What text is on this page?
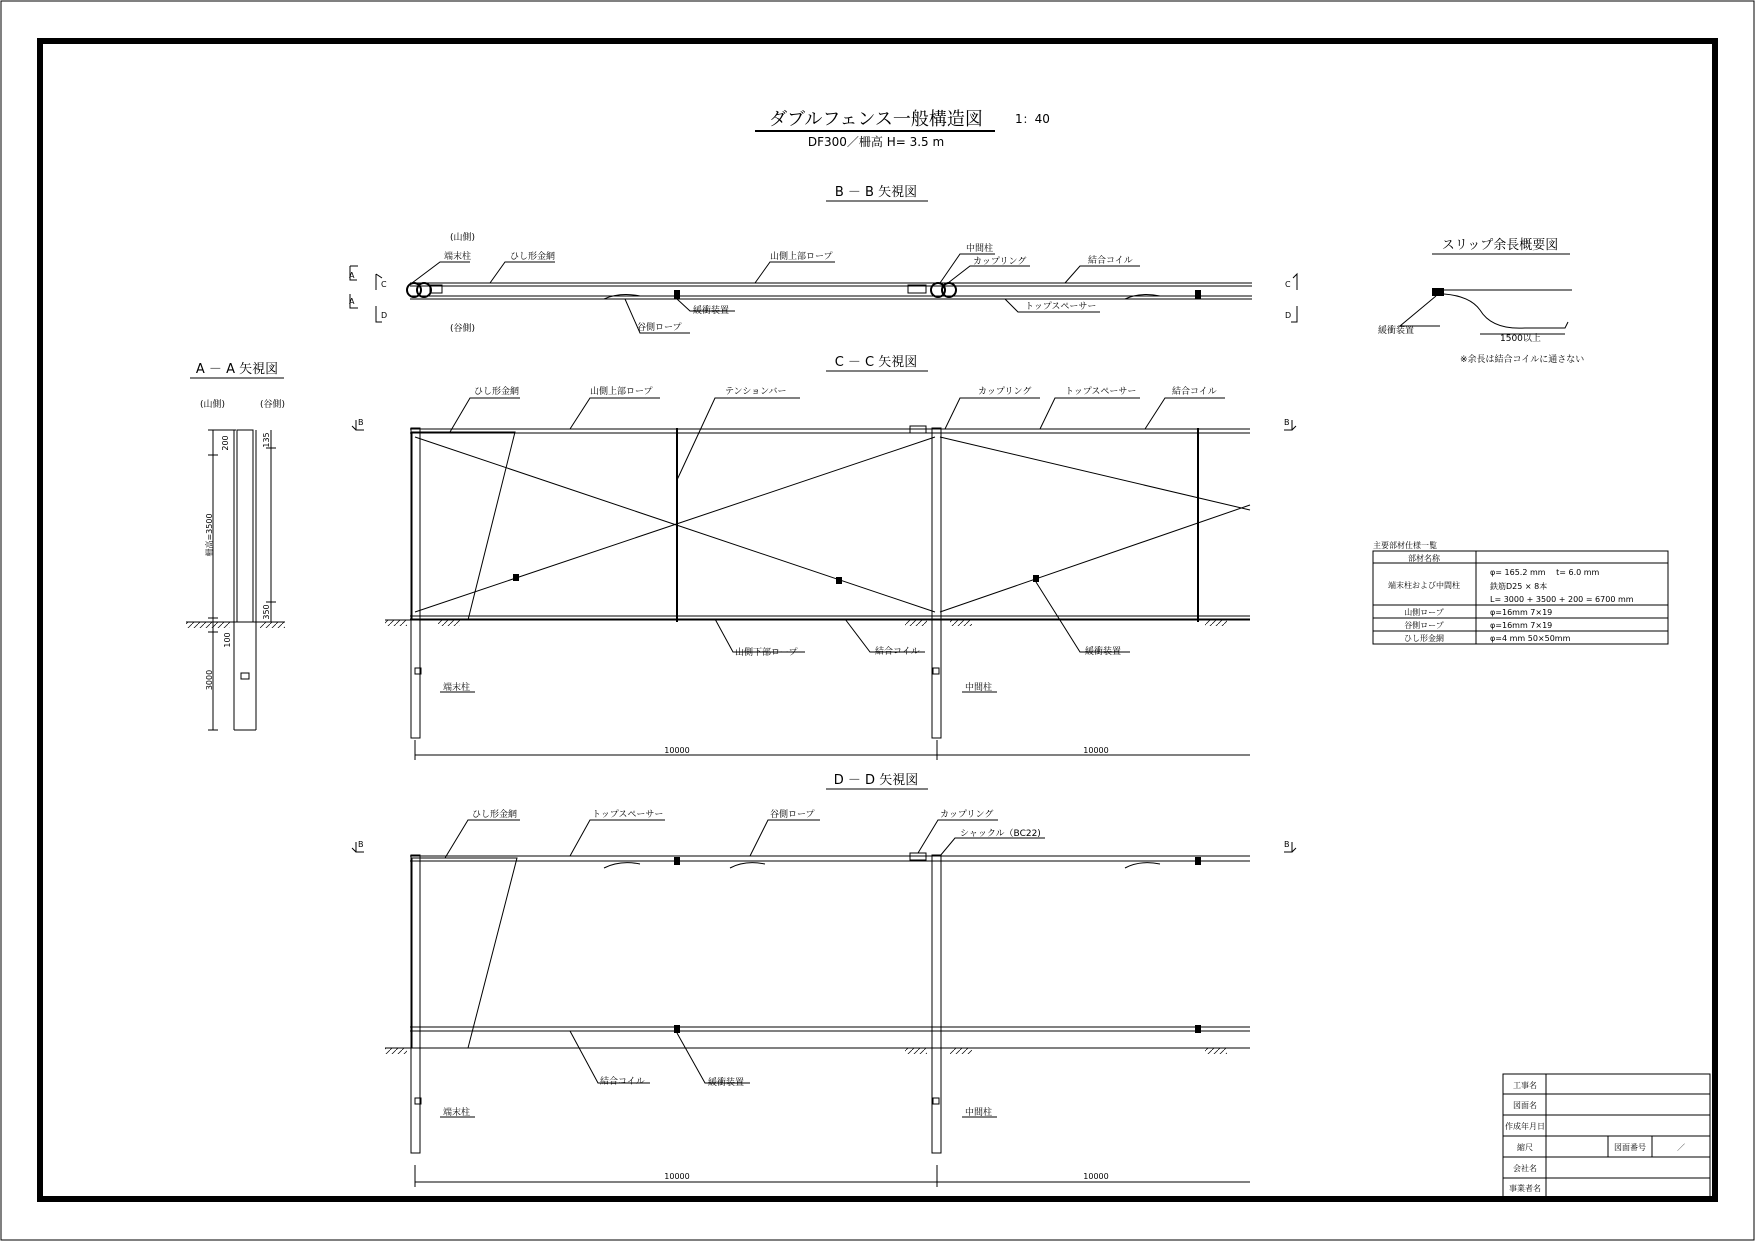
ダブルフェンス一般構造図	1：40
DF300／柵高 H= 3.5 m
B － B 矢視図
(山側)
(谷側)
A
A
C
D
C
D
端末柱	ひし形金網	山側上部ロープ
中間柱
カップリング	結合コイル
緩衝装置	トップスペーサー
谷側ロープ
A － A 矢視図
(山側)	(谷側)
200	135
柵高=3500
350
100
3000
C － C 矢視図
B	B
ひし形金網	山側上部ロープ	テンションバー	カップリング	トップスペーサー	結合コイル
山側下部ロープ	結合コイル	緩衝装置
端末柱	中間柱
10000	10000
D － D 矢視図
B	B
ひし形金網	トップスペーサー	谷側ロープ	カップリング
シャックル（BC22)
結合コイル	緩衝装置
端末柱	中間柱
10000	10000
スリップ余長概要図
緩衝装置
1500以上
※余長は結合コイルに通さない
主要部材仕様一覧
部材名称
端末柱および中間柱
φ= 165.2 mm　 t= 6.0 mm
鉄筋D25 × 8本
L= 3000 + 3500 + 200 = 6700 mm
山側ロープ	φ=16mm 7×19
谷側ロープ	φ=16mm 7×19
ひし形金網	φ=4 mm 50×50mm
工事名
図面名
作成年月日
縮尺	図面番号	／
会社名
事業者名
